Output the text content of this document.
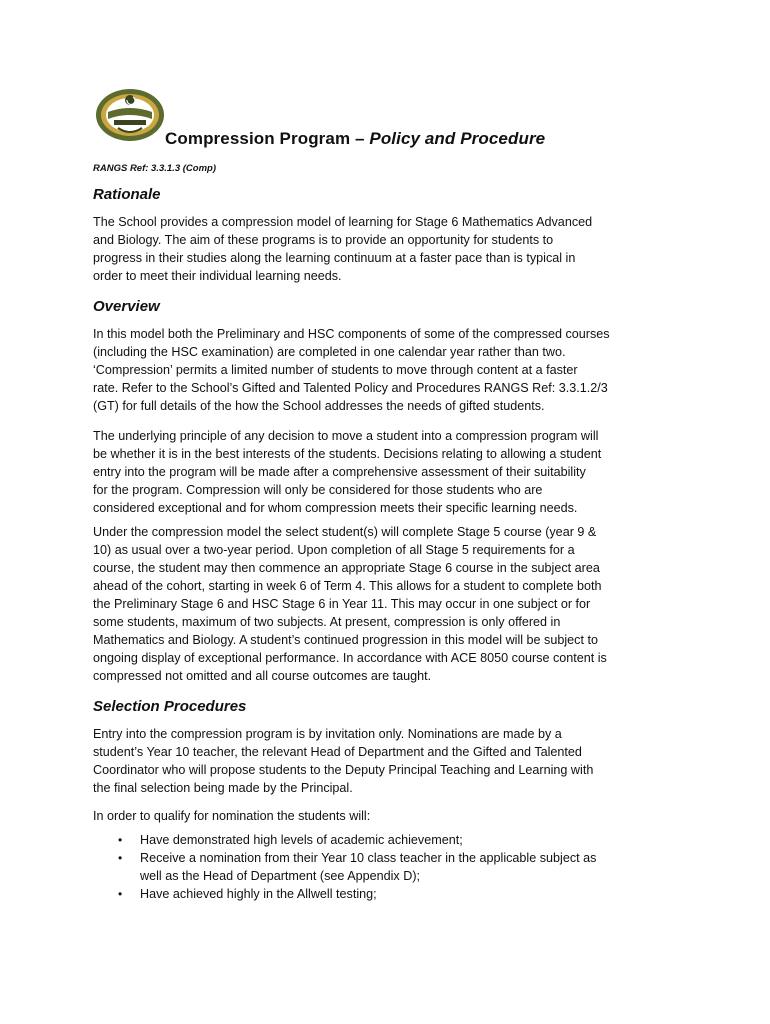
Compression Program – Policy and Procedure
RANGS Ref: 3.3.1.3 (Comp)
Rationale

The School provides a compression model of learning for Stage 6 Mathematics Advanced
and Biology. The aim of these programs is to provide an opportunity for students to
progress in their studies along the learning continuum at a faster pace than is typical in
order to meet their individual learning needs.

Overview

In this model both the Preliminary and HSC components of some of the compressed courses
(including the HSC examination) are completed in one calendar year rather than two.
‘Compression’ permits a limited number of students to move through content at a faster
rate. Refer to the School’s Gifted and Talented Policy and Procedures RANGS Ref: 3.3.1.2/3
(GT) for full details of the how the School addresses the needs of gifted students.

The underlying principle of any decision to move a student into a compression program will
be whether it is in the best interests of the students. Decisions relating to allowing a student
entry into the program will be made after a comprehensive assessment of their suitability
for the program. Compression will only be considered for those students who are
considered exceptional and for whom compression meets their specific learning needs.

Under the compression model the select student(s) will complete Stage 5 course (year 9 &
10) as usual over a two-year period. Upon completion of all Stage 5 requirements for a
course, the student may then commence an appropriate Stage 6 course in the subject area
ahead of the cohort, starting in week 6 of Term 4. This allows for a student to complete both
the Preliminary Stage 6 and HSC Stage 6 in Year 11. This may occur in one subject or for
some students, maximum of two subjects. At present, compression is only offered in
Mathematics and Biology. A student’s continued progression in this model will be subject to
ongoing display of exceptional performance. In accordance with ACE 8050 course content is
compressed not omitted and all course outcomes are taught.

Selection Procedures

Entry into the compression program is by invitation only. Nominations are made by a
student’s Year 10 teacher, the relevant Head of Department and the Gifted and Talented
Coordinator who will propose students to the Deputy Principal Teaching and Learning with
the final selection being made by the Principal.

In order to qualify for nomination the students will:

• Have demonstrated high levels of academic achievement;
• Receive a nomination from their Year 10 class teacher in the applicable subject as
well as the Head of Department (see Appendix D);
• Have achieved highly in the Allwell testing;
